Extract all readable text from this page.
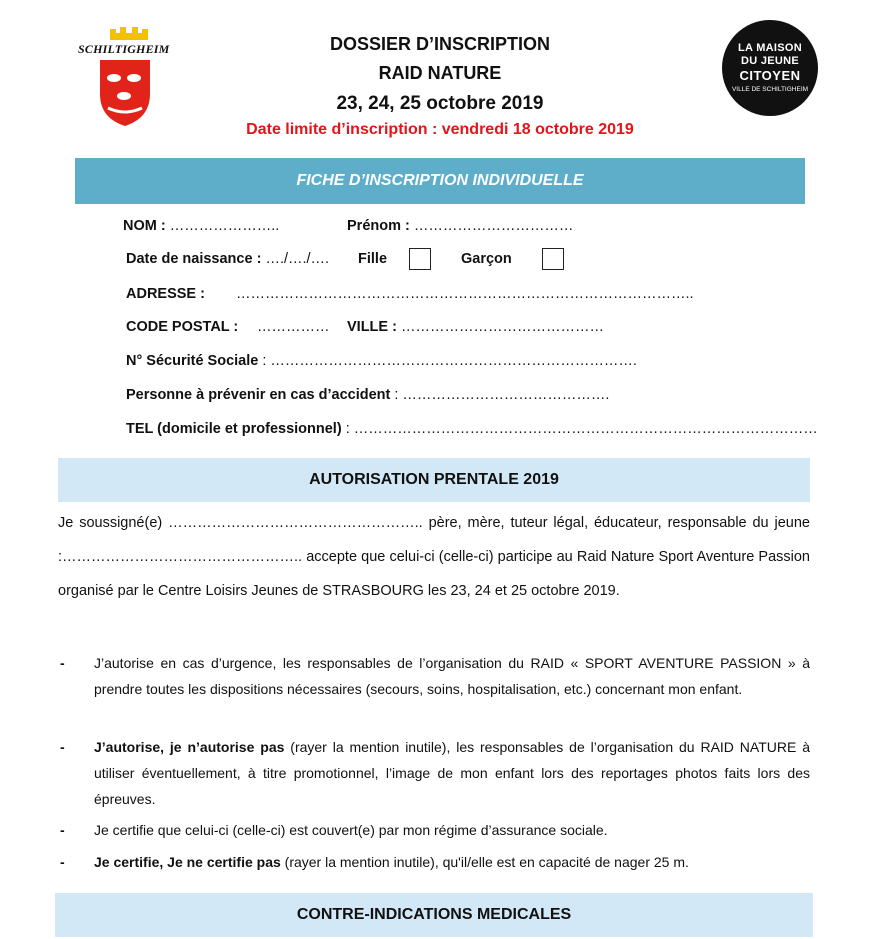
SCHILTIGHEIM	DOSSIER D’INSCRIPTION
RAID NATURE
23, 24, 25 octobre 2019
Date limite d’inscription : vendredi 18 octobre 2019
LA MAISON
DU JEUNE
CITOYEN
VILLE DE SCHILTIGHEIM
FICHE D’INSCRIPTION INDIVIDUELLE
NOM : …………………..	Prénom : ……………………………
Date de naissance : …./…./…. Fille	Garçon
ADRESSE : …………………………………………………………………………………..
CODE POSTAL : …………… VILLE : ……………………………………
N° Sécurité Sociale : ………………………………………………………………….
Personne à prévenir en cas d’accident : …………………………………….
TEL (domicile et professionnel) : ……………………………………………………………………………………
AUTORISATION PRENTALE 2019
Je soussigné(e) …………………………………………….. père, mère, tuteur légal, éducateur, responsable du jeune :………………………………………….. accepte que celui-ci (celle-ci) participe au Raid Nature Sport Aventure Passion organisé par le Centre Loisirs Jeunes de STRASBOURG les 23, 24 et 25 octobre 2019.
- J’autorise en cas d’urgence, les responsables de l’organisation du RAID « SPORT AVENTURE PASSION » à prendre toutes les dispositions nécessaires (secours, soins, hospitalisation, etc.) concernant mon enfant.
- J’autorise, je n’autorise pas (rayer la mention inutile), les responsables de l’organisation du RAID NATURE à utiliser éventuellement, à titre promotionnel, l’image de mon enfant lors des reportages photos faits lors des épreuves.
- Je certifie que celui-ci (celle-ci) est couvert(e) par mon régime d’assurance sociale.
- Je certifie, Je ne certifie pas (rayer la mention inutile), qu'il/elle est en capacité de nager 25 m.
CONTRE-INDICATIONS MEDICALES
